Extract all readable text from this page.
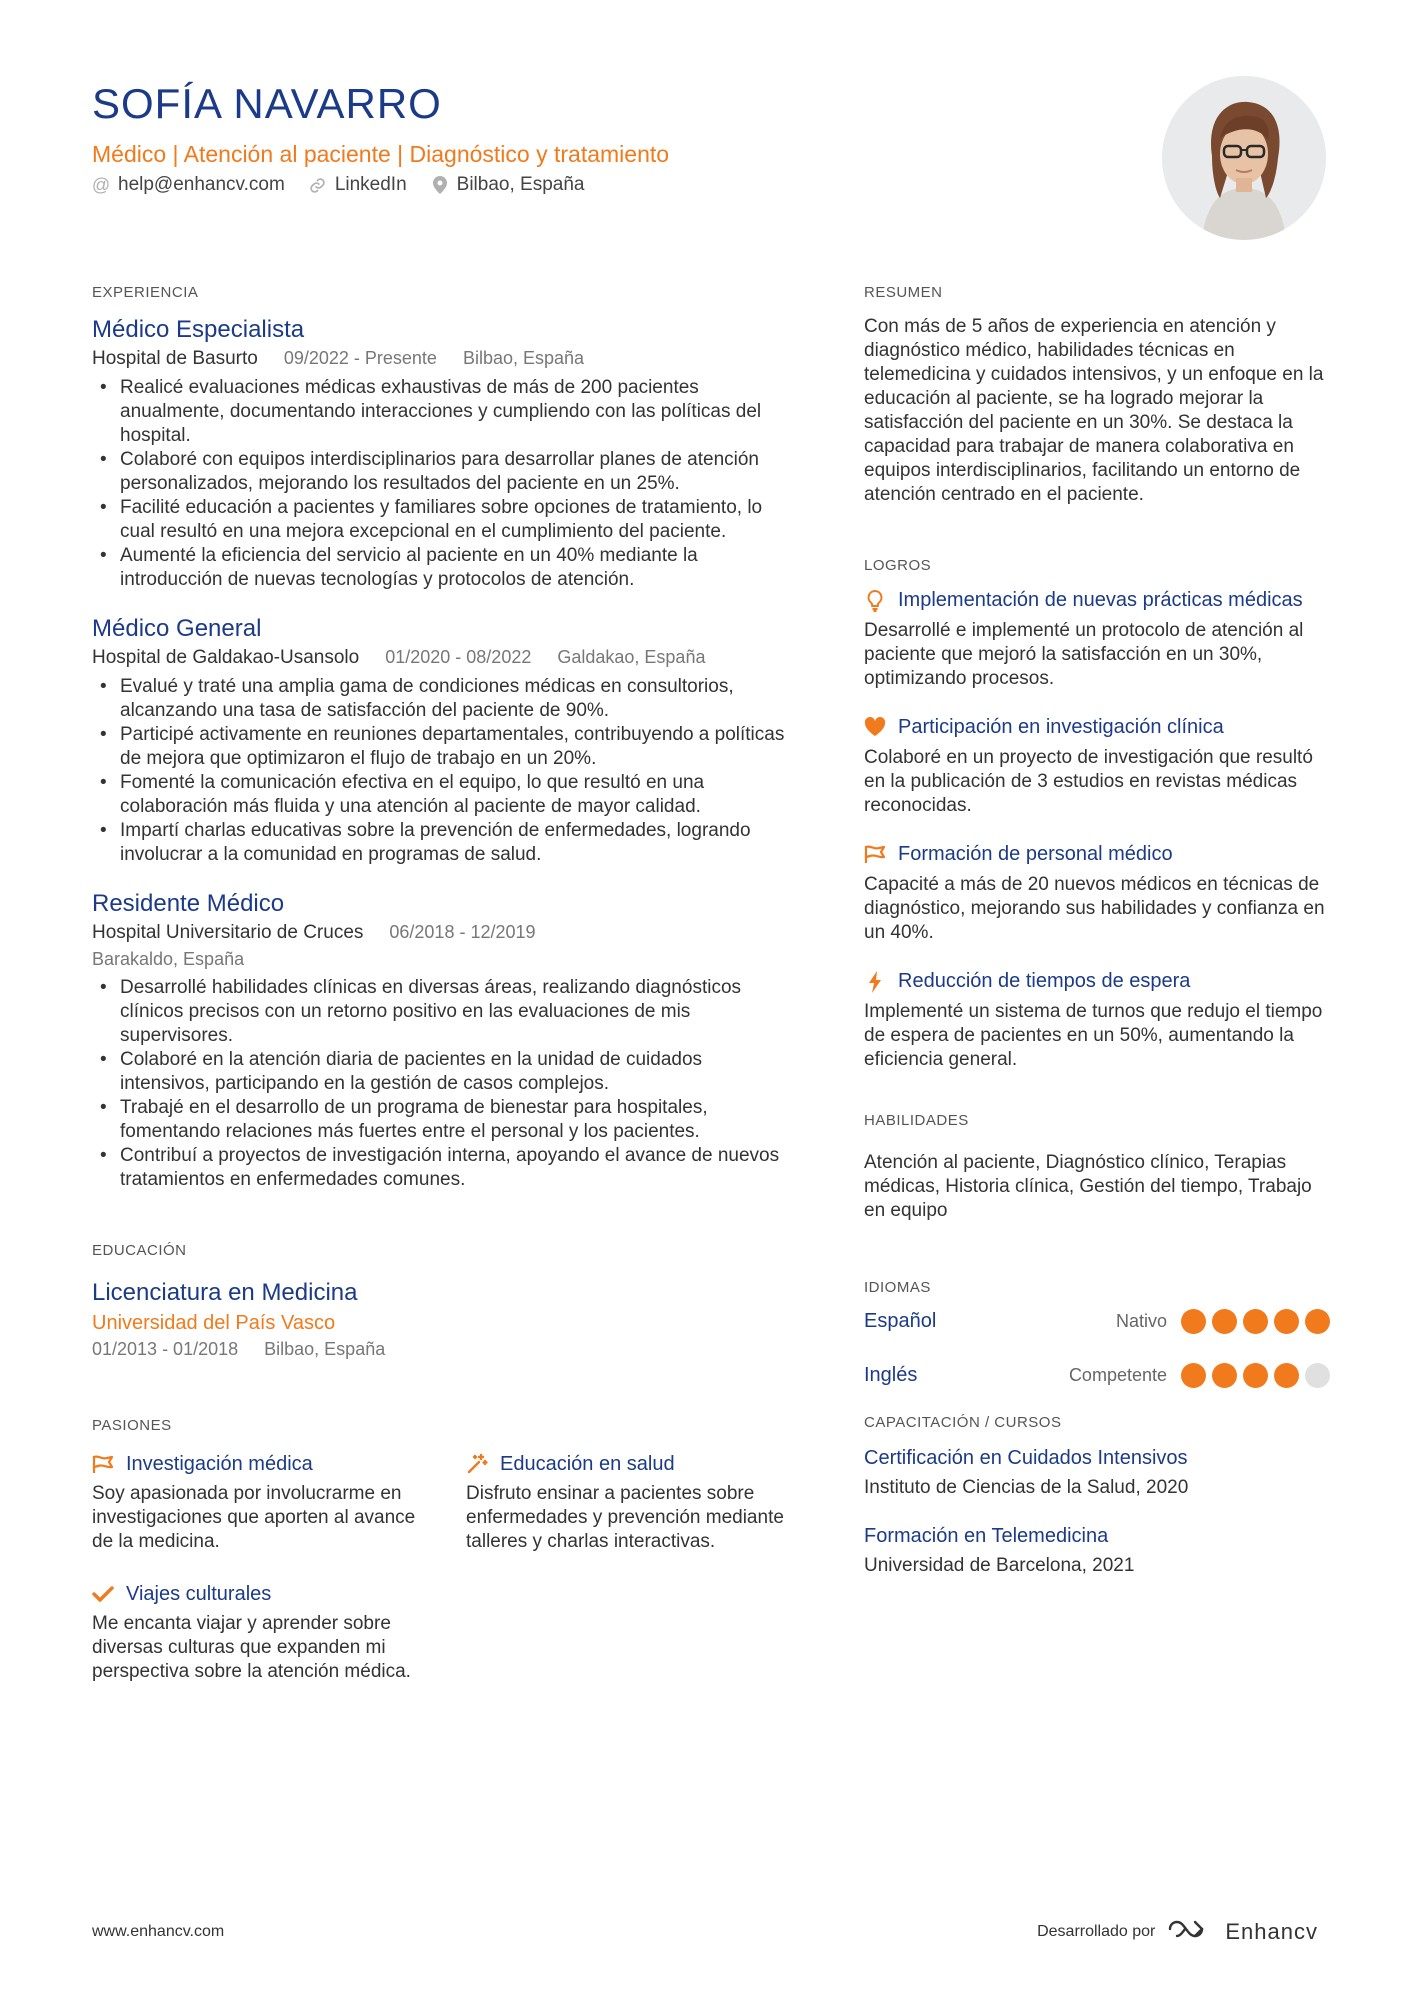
SOFÍA NAVARRO
Médico | Atención al paciente | Diagnóstico y tratamiento
@ help@enhancv.com	LinkedIn	Bilbao, España
EXPERIENCIA
Médico Especialista
Hospital de Basurto 09/2022 - Presente Bilbao, España
• Realicé evaluaciones médicas exhaustivas de más de 200 pacientes anualmente, documentando interacciones y cumpliendo con las políticas del hospital.
• Colaboré con equipos interdisciplinarios para desarrollar planes de atención personalizados, mejorando los resultados del paciente en un 25%.
• Facilité educación a pacientes y familiares sobre opciones de tratamiento, lo cual resultó en una mejora excepcional en el cumplimiento del paciente.
• Aumenté la eficiencia del servicio al paciente en un 40% mediante la introducción de nuevas tecnologías y protocolos de atención.
Médico General
Hospital de Galdakao-Usansolo 01/2020 - 08/2022 Galdakao, España
• Evalué y traté una amplia gama de condiciones médicas en consultorios, alcanzando una tasa de satisfacción del paciente de 90%.
• Participé activamente en reuniones departamentales, contribuyendo a políticas de mejora que optimizaron el flujo de trabajo en un 20%.
• Fomenté la comunicación efectiva en el equipo, lo que resultó en una colaboración más fluida y una atención al paciente de mayor calidad.
• Impartí charlas educativas sobre la prevención de enfermedades, logrando involucrar a la comunidad en programas de salud.
Residente Médico
Hospital Universitario de Cruces 06/2018 - 12/2019
Barakaldo, España
• Desarrollé habilidades clínicas en diversas áreas, realizando diagnósticos clínicos precisos con un retorno positivo en las evaluaciones de mis supervisores.
• Colaboré en la atención diaria de pacientes en la unidad de cuidados intensivos, participando en la gestión de casos complejos.
• Trabajé en el desarrollo de un programa de bienestar para hospitales, fomentando relaciones más fuertes entre el personal y los pacientes.
• Contribuí a proyectos de investigación interna, apoyando el avance de nuevos tratamientos en enfermedades comunes.
EDUCACIÓN
Licenciatura en Medicina
Universidad del País Vasco
01/2013 - 01/2018 Bilbao, España
PASIONES
Investigación médica
Soy apasionada por involucrarme en investigaciones que aporten al avance de la medicina.
Educación en salud
Disfruto ensinar a pacientes sobre enfermedades y prevención mediante talleres y charlas interactivas.
Viajes culturales
Me encanta viajar y aprender sobre diversas culturas que expanden mi perspectiva sobre la atención médica.
RESUMEN
Con más de 5 años de experiencia en atención y diagnóstico médico, habilidades técnicas en telemedicina y cuidados intensivos, y un enfoque en la educación al paciente, se ha logrado mejorar la satisfacción del paciente en un 30%. Se destaca la capacidad para trabajar de manera colaborativa en equipos interdisciplinarios, facilitando un entorno de atención centrado en el paciente.
LOGROS
Implementación de nuevas prácticas médicas
Desarrollé e implementé un protocolo de atención al paciente que mejoró la satisfacción en un 30%, optimizando procesos.
Participación en investigación clínica
Colaboré en un proyecto de investigación que resultó en la publicación de 3 estudios en revistas médicas reconocidas.
Formación de personal médico
Capacité a más de 20 nuevos médicos en técnicas de diagnóstico, mejorando sus habilidades y confianza en un 40%.
Reducción de tiempos de espera
Implementé un sistema de turnos que redujo el tiempo de espera de pacientes en un 50%, aumentando la eficiencia general.
HABILIDADES
Atención al paciente, Diagnóstico clínico, Terapias médicas, Historia clínica, Gestión del tiempo, Trabajo en equipo
IDIOMAS
Español	Nativo
Inglés	Competente
CAPACITACIÓN / CURSOS
Certificación en Cuidados Intensivos
Instituto de Ciencias de la Salud, 2020
Formación en Telemedicina
Universidad de Barcelona, 2021
www.enhancv.com	Desarrollado por	Enhancv
